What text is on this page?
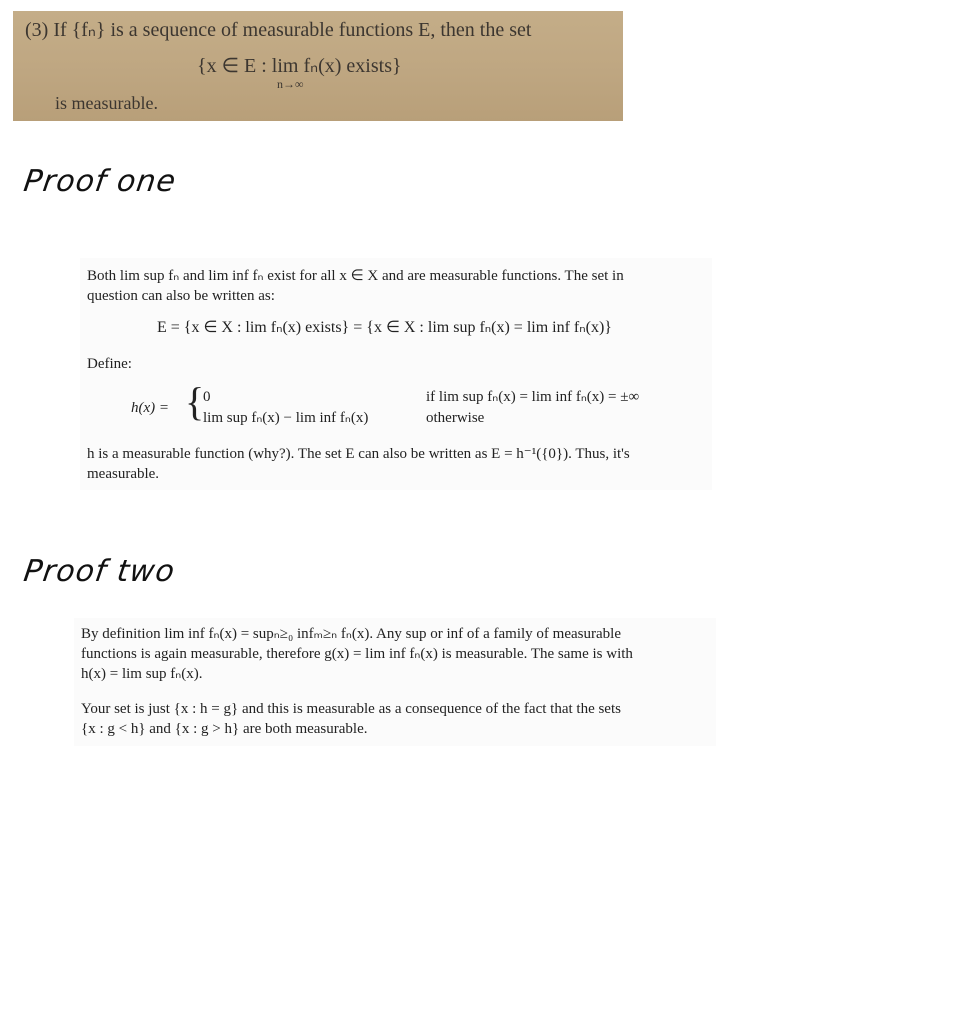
(3) If {fₙ} is a sequence of measurable functions E, then the set
{x ∈ E : lim fₙ(x) exists}
n→∞
is measurable.
Proof one
Both lim sup fₙ and lim inf fₙ exist for all x ∈ X and are measurable functions. The set in
question can also be written as:
E = {x ∈ X : lim fₙ(x) exists} = {x ∈ X : lim sup fₙ(x) = lim inf fₙ(x)}
Define:
h(x) = {
0	if lim sup fₙ(x) = lim inf fₙ(x) = ±∞
lim sup fₙ(x) − lim inf fₙ(x)	otherwise
h is a measurable function (why?). The set E can also be written as E = h⁻¹({0}). Thus, it's
measurable.
Proof two
By definition lim inf fₙ(x) = supₙ≥₀ infₘ≥ₙ fₙ(x). Any sup or inf of a family of measurable
functions is again measurable, therefore g(x) = lim inf fₙ(x) is measurable. The same is with
h(x) = lim sup fₙ(x).
Your set is just {x : h = g} and this is measurable as a consequence of the fact that the sets
{x : g < h} and {x : g > h} are both measurable.
